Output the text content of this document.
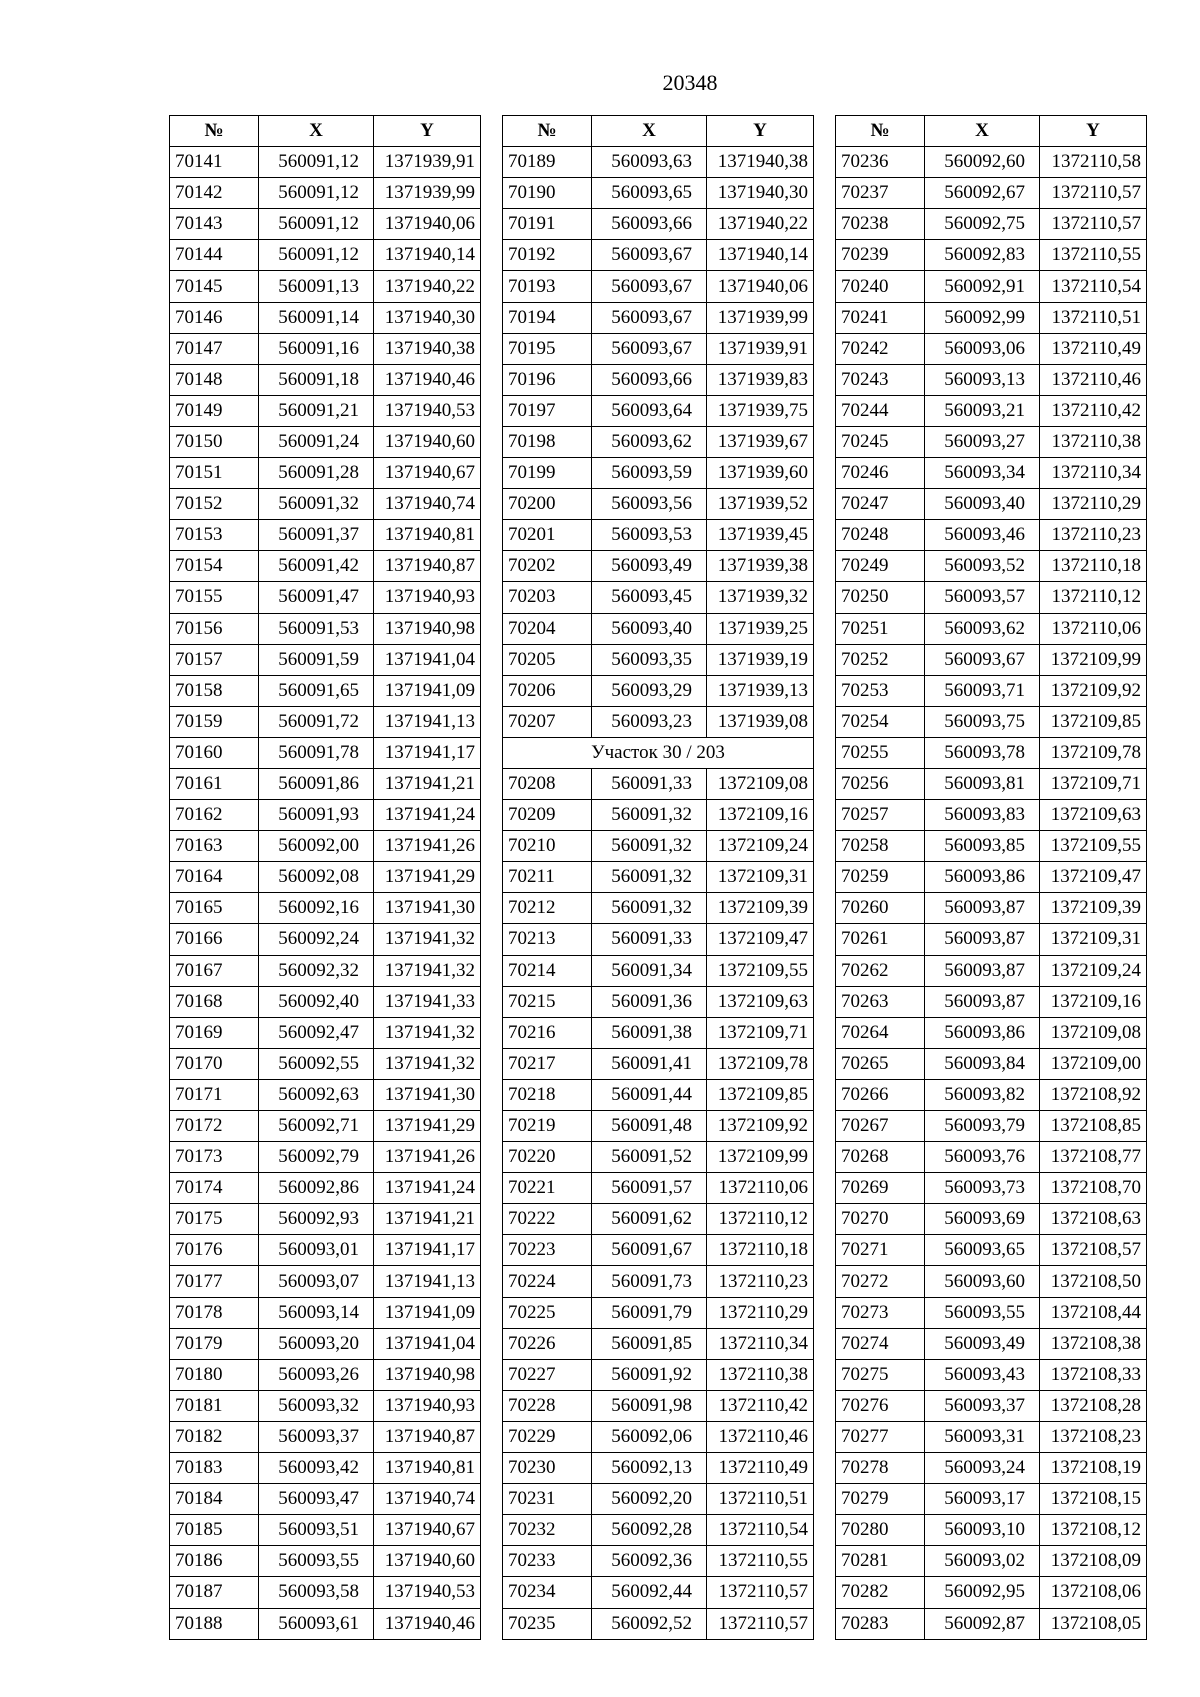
20348
№	X	Y
70141	560091,12	1371939,91
70142	560091,12	1371939,99
70143	560091,12	1371940,06
70144	560091,12	1371940,14
70145	560091,13	1371940,22
70146	560091,14	1371940,30
70147	560091,16	1371940,38
70148	560091,18	1371940,46
70149	560091,21	1371940,53
70150	560091,24	1371940,60
70151	560091,28	1371940,67
70152	560091,32	1371940,74
70153	560091,37	1371940,81
70154	560091,42	1371940,87
70155	560091,47	1371940,93
70156	560091,53	1371940,98
70157	560091,59	1371941,04
70158	560091,65	1371941,09
70159	560091,72	1371941,13
70160	560091,78	1371941,17
70161	560091,86	1371941,21
70162	560091,93	1371941,24
70163	560092,00	1371941,26
70164	560092,08	1371941,29
70165	560092,16	1371941,30
70166	560092,24	1371941,32
70167	560092,32	1371941,32
70168	560092,40	1371941,33
70169	560092,47	1371941,32
70170	560092,55	1371941,32
70171	560092,63	1371941,30
70172	560092,71	1371941,29
70173	560092,79	1371941,26
70174	560092,86	1371941,24
70175	560092,93	1371941,21
70176	560093,01	1371941,17
70177	560093,07	1371941,13
70178	560093,14	1371941,09
70179	560093,20	1371941,04
70180	560093,26	1371940,98
70181	560093,32	1371940,93
70182	560093,37	1371940,87
70183	560093,42	1371940,81
70184	560093,47	1371940,74
70185	560093,51	1371940,67
70186	560093,55	1371940,60
70187	560093,58	1371940,53
70188	560093,61	1371940,46
№	X	Y
70189	560093,63	1371940,38
70190	560093,65	1371940,30
70191	560093,66	1371940,22
70192	560093,67	1371940,14
70193	560093,67	1371940,06
70194	560093,67	1371939,99
70195	560093,67	1371939,91
70196	560093,66	1371939,83
70197	560093,64	1371939,75
70198	560093,62	1371939,67
70199	560093,59	1371939,60
70200	560093,56	1371939,52
70201	560093,53	1371939,45
70202	560093,49	1371939,38
70203	560093,45	1371939,32
70204	560093,40	1371939,25
70205	560093,35	1371939,19
70206	560093,29	1371939,13
70207	560093,23	1371939,08
Участок 30 / 203		
70208	560091,33	1372109,08
70209	560091,32	1372109,16
70210	560091,32	1372109,24
70211	560091,32	1372109,31
70212	560091,32	1372109,39
70213	560091,33	1372109,47
70214	560091,34	1372109,55
70215	560091,36	1372109,63
70216	560091,38	1372109,71
70217	560091,41	1372109,78
70218	560091,44	1372109,85
70219	560091,48	1372109,92
70220	560091,52	1372109,99
70221	560091,57	1372110,06
70222	560091,62	1372110,12
70223	560091,67	1372110,18
70224	560091,73	1372110,23
70225	560091,79	1372110,29
70226	560091,85	1372110,34
70227	560091,92	1372110,38
70228	560091,98	1372110,42
70229	560092,06	1372110,46
70230	560092,13	1372110,49
70231	560092,20	1372110,51
70232	560092,28	1372110,54
70233	560092,36	1372110,55
70234	560092,44	1372110,57
70235	560092,52	1372110,57
№	X	Y
70236	560092,60	1372110,58
70237	560092,67	1372110,57
70238	560092,75	1372110,57
70239	560092,83	1372110,55
70240	560092,91	1372110,54
70241	560092,99	1372110,51
70242	560093,06	1372110,49
70243	560093,13	1372110,46
70244	560093,21	1372110,42
70245	560093,27	1372110,38
70246	560093,34	1372110,34
70247	560093,40	1372110,29
70248	560093,46	1372110,23
70249	560093,52	1372110,18
70250	560093,57	1372110,12
70251	560093,62	1372110,06
70252	560093,67	1372109,99
70253	560093,71	1372109,92
70254	560093,75	1372109,85
70255	560093,78	1372109,78
70256	560093,81	1372109,71
70257	560093,83	1372109,63
70258	560093,85	1372109,55
70259	560093,86	1372109,47
70260	560093,87	1372109,39
70261	560093,87	1372109,31
70262	560093,87	1372109,24
70263	560093,87	1372109,16
70264	560093,86	1372109,08
70265	560093,84	1372109,00
70266	560093,82	1372108,92
70267	560093,79	1372108,85
70268	560093,76	1372108,77
70269	560093,73	1372108,70
70270	560093,69	1372108,63
70271	560093,65	1372108,57
70272	560093,60	1372108,50
70273	560093,55	1372108,44
70274	560093,49	1372108,38
70275	560093,43	1372108,33
70276	560093,37	1372108,28
70277	560093,31	1372108,23
70278	560093,24	1372108,19
70279	560093,17	1372108,15
70280	560093,10	1372108,12
70281	560093,02	1372108,09
70282	560092,95	1372108,06
70283	560092,87	1372108,05
